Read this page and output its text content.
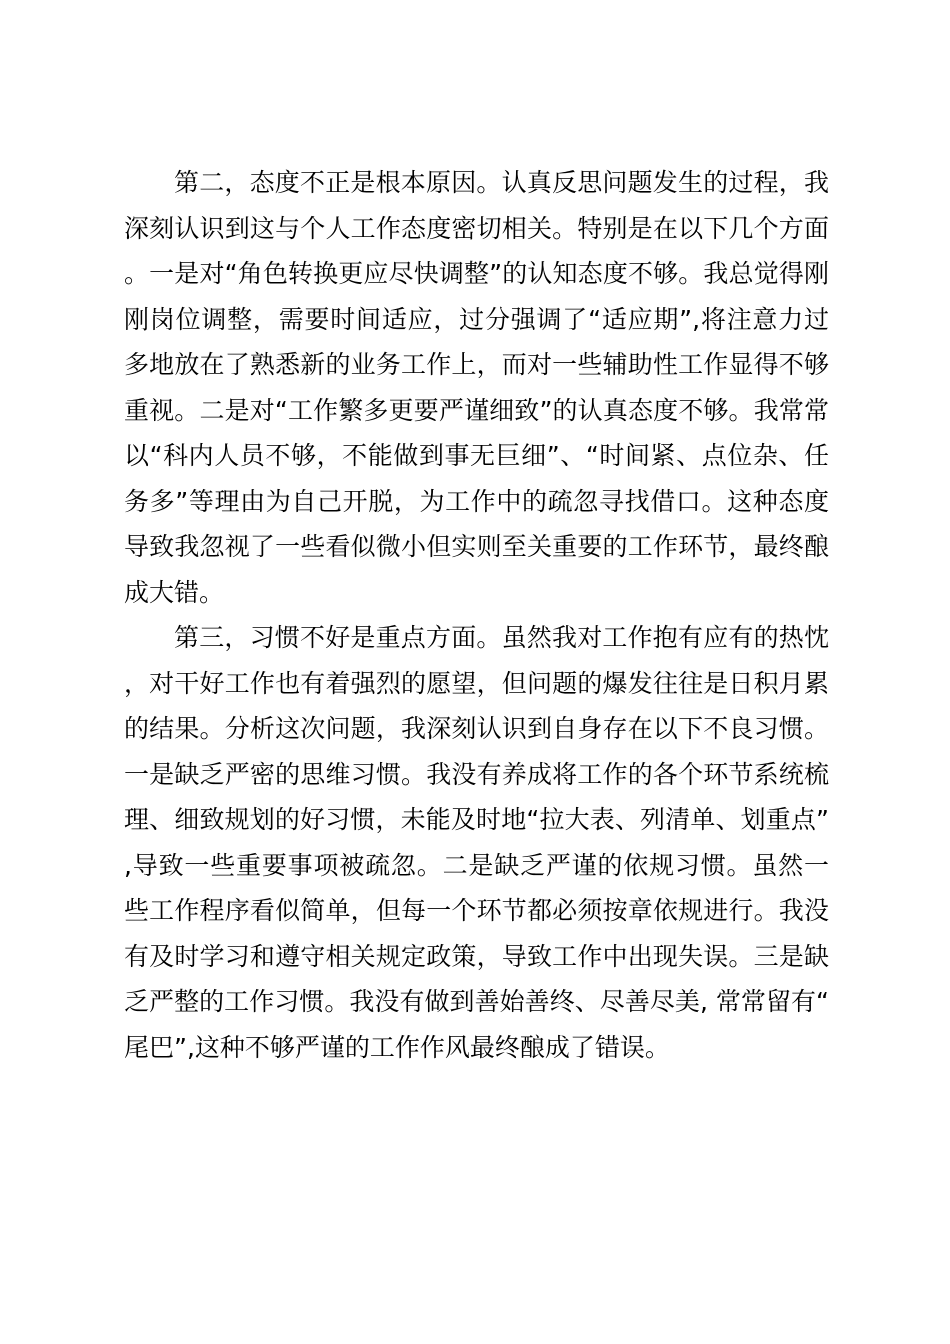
第二，态度不正是根本原因。认真反思问题发生的过程，我深刻认识到这与个人工作态度密切相关。特别是在以下几个方面。一是对“角色转换更应尽快调整”的认知态度不够。我总觉得刚刚岗位调整，需要时间适应，过分强调了“适应期”,将注意力过多地放在了熟悉新的业务工作上，而对一些辅助性工作显得不够重视。二是对“工作繁多更要严谨细致”的认真态度不够。我常常以“科内人员不够，不能做到事无巨细”、“时间紧、点位杂、任务多”等理由为自己开脱，为工作中的疏忽寻找借口。这种态度导致我忽视了一些看似微小但实则至关重要的工作环节，最终酿成大错。

第三，习惯不好是重点方面。虽然我对工作抱有应有的热忱，对干好工作也有着强烈的愿望，但问题的爆发往往是日积月累的结果。分析这次问题，我深刻认识到自身存在以下不良习惯。一是缺乏严密的思维习惯。我没有养成将工作的各个环节系统梳理、细致规划的好习惯，未能及时地“拉大表、列清单、划重点”,导致一些重要事项被疏忽。二是缺乏严谨的依规习惯。虽然一些工作程序看似简单，但每一个环节都必须按章依规进行。我没有及时学习和遵守相关规定政策，导致工作中出现失误。三是缺乏严整的工作习惯。我没有做到善始善终、尽善尽美, 常常留有“尾巴”,这种不够严谨的工作作风最终酿成了错误。
